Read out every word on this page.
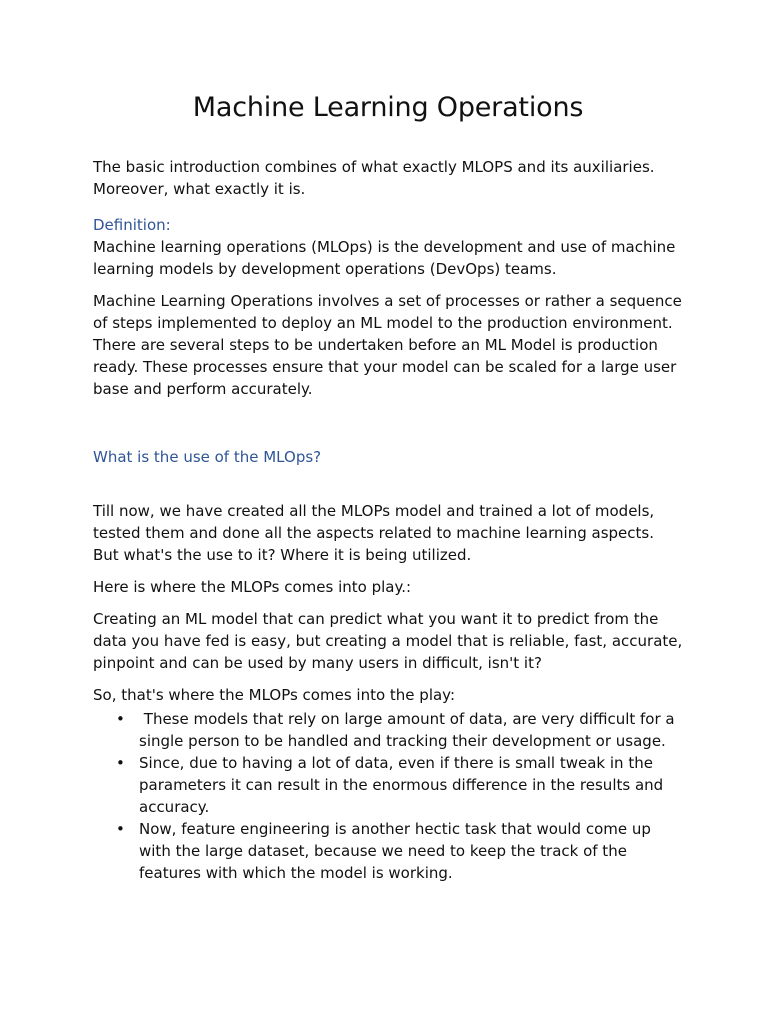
Machine Learning Operations

The basic introduction combines of what exactly MLOPS and its auxiliaries. Moreover, what exactly it is.

Definition:

Machine learning operations (MLOps) is the development and use of machine learning models by development operations (DevOps) teams.

Machine Learning Operations involves a set of processes or rather a sequence of steps implemented to deploy an ML model to the production environment. There are several steps to be undertaken before an ML Model is production ready. These processes ensure that your model can be scaled for a large user base and perform accurately.

What is the use of the MLOps?

Till now, we have created all the MLOPs model and trained a lot of models, tested them and done all the aspects related to machine learning aspects. But what's the use to it? Where it is being utilized.

Here is where the MLOPs comes into play.:

Creating an ML model that can predict what you want it to predict from the data you have fed is easy, but creating a model that is reliable, fast, accurate, pinpoint and can be used by many users in difficult, isn't it?

So, that's where the MLOPs comes into the play:

• These models that rely on large amount of data, are very difficult for a single person to be handled and tracking their development or usage.
• Since, due to having a lot of data, even if there is small tweak in the parameters it can result in the enormous difference in the results and accuracy.
• Now, feature engineering is another hectic task that would come up with the large dataset, because we need to keep the track of the features with which the model is working.
